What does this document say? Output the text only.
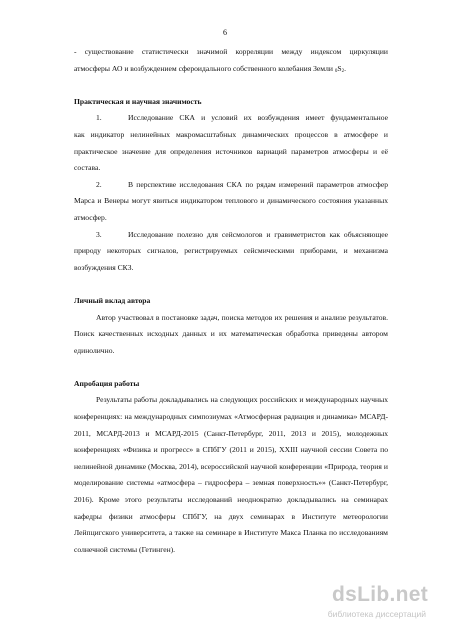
6
- существование статистически значимой корреляции между индексом циркуляции
атмосферы АО и возбуждением сфероидального собственного колебания Земли $_0S_2$.
Практическая и научная значимость
1.	Исследование СКА и условий их возбуждения имеет фундаментальное
как индикатор нелинейных макромасштабных динамических процессов в атмосфере и
практическое значение для определения источников вариаций параметров атмосферы и её
состава.
2.	В перспективе исследования СКА по рядам измерений параметров атмосфер
Марса и Венеры могут явиться индикатором теплового и динамического состояния указанных
атмосфер.
3.	Исследование полезно для сейсмологов и гравиметристов как объясняющее
природу некоторых сигналов, регистрируемых сейсмическими приборами, и механизма
возбуждения СКЗ.
Личный вклад автора
Автор участвовал в постановке задач, поиска методов их решения и анализе результатов.
Поиск качественных исходных данных и их математическая обработка приведены автором
единолично.
Апробация работы
Результаты работы докладывались на следующих российских и международных научных
конференциях: на международных симпозиумах «Атмосферная радиация и динамика» МСАРД-
2011, МСАРД-2013 и МСАРД-2015 (Санкт-Петербург, 2011, 2013 и 2015), молодежных
конференциях «Физика и прогресс» в СПбГУ (2011 и 2015), XXIII научной сессии Совета по
нелинейной динамике (Москва, 2014), всероссийской научной конференции «Природа, теория и
моделирование системы «атмосфера – гидросфера – земная поверхность»» (Санкт-Петербург,
2016). Кроме этого результаты исследований неоднократно докладывались на семинарах
кафедры физики атмосферы СПбГУ, на двух семинарах в Институте метеорологии
Лейпцигского университета, а также на семинаре в Институте Макса Планка по исследованиям
солнечной системы (Гетинген).
dsLib.net
библиотека диссертаций
